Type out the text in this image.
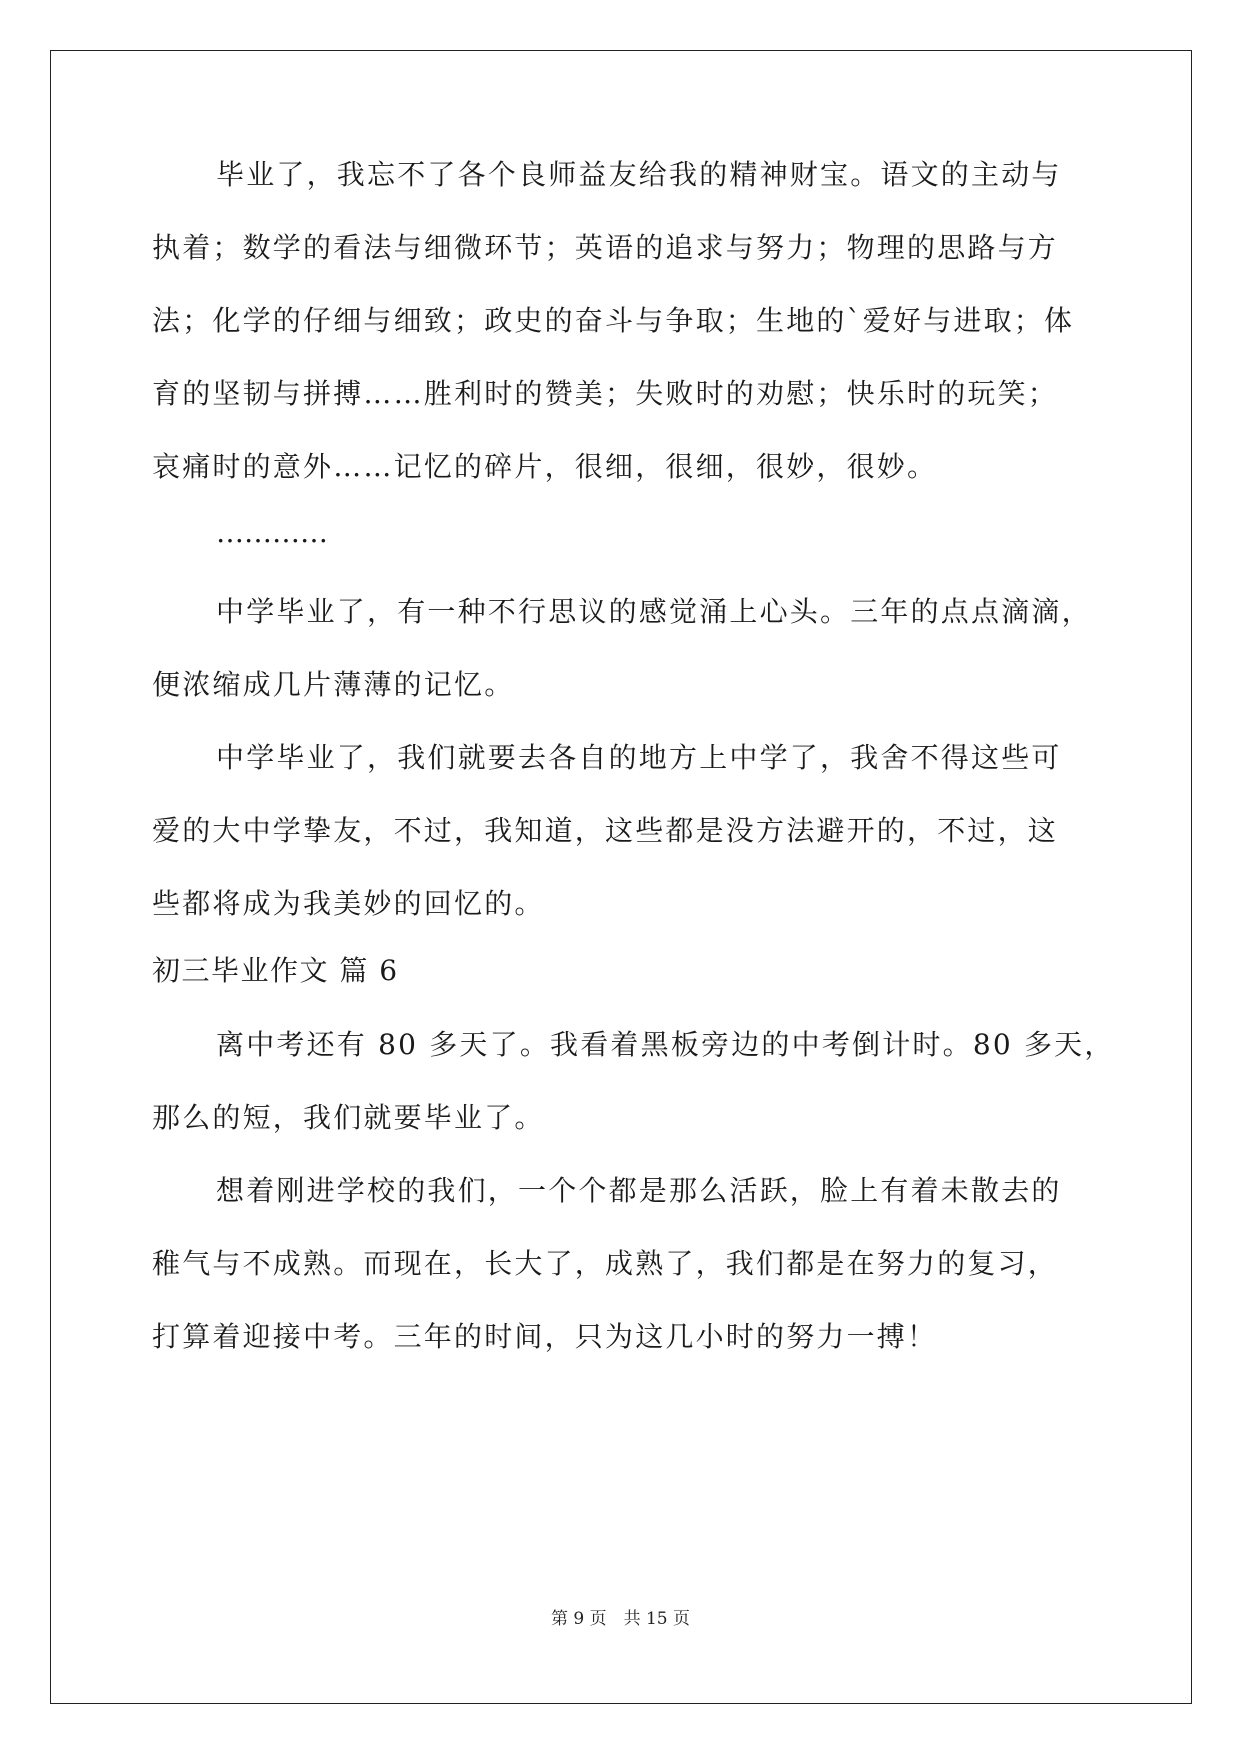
毕业了，我忘不了各个良师益友给我的精神财宝。语文的主动与
执着；数学的看法与细微环节；英语的追求与努力；物理的思路与方
法；化学的仔细与细致；政史的奋斗与争取；生地的`爱好与进取；体
育的坚韧与拼搏……胜利时的赞美；失败时的劝慰；快乐时的玩笑；
哀痛时的意外……记忆的碎片，很细，很细，很妙，很妙。
…………
中学毕业了，有一种不行思议的感觉涌上心头。三年的点点滴滴，
便浓缩成几片薄薄的记忆。
中学毕业了，我们就要去各自的地方上中学了，我舍不得这些可
爱的大中学挚友，不过，我知道，这些都是没方法避开的，不过，这
些都将成为我美妙的回忆的。
初三毕业作文 篇 6
离中考还有 80 多天了。我看着黑板旁边的中考倒计时。80 多天，
那么的短，我们就要毕业了。
想着刚进学校的我们，一个个都是那么活跃，脸上有着未散去的
稚气与不成熟。而现在，长大了，成熟了，我们都是在努力的复习，
打算着迎接中考。三年的时间，只为这几小时的努力一搏！
第 9 页　共 15 页
